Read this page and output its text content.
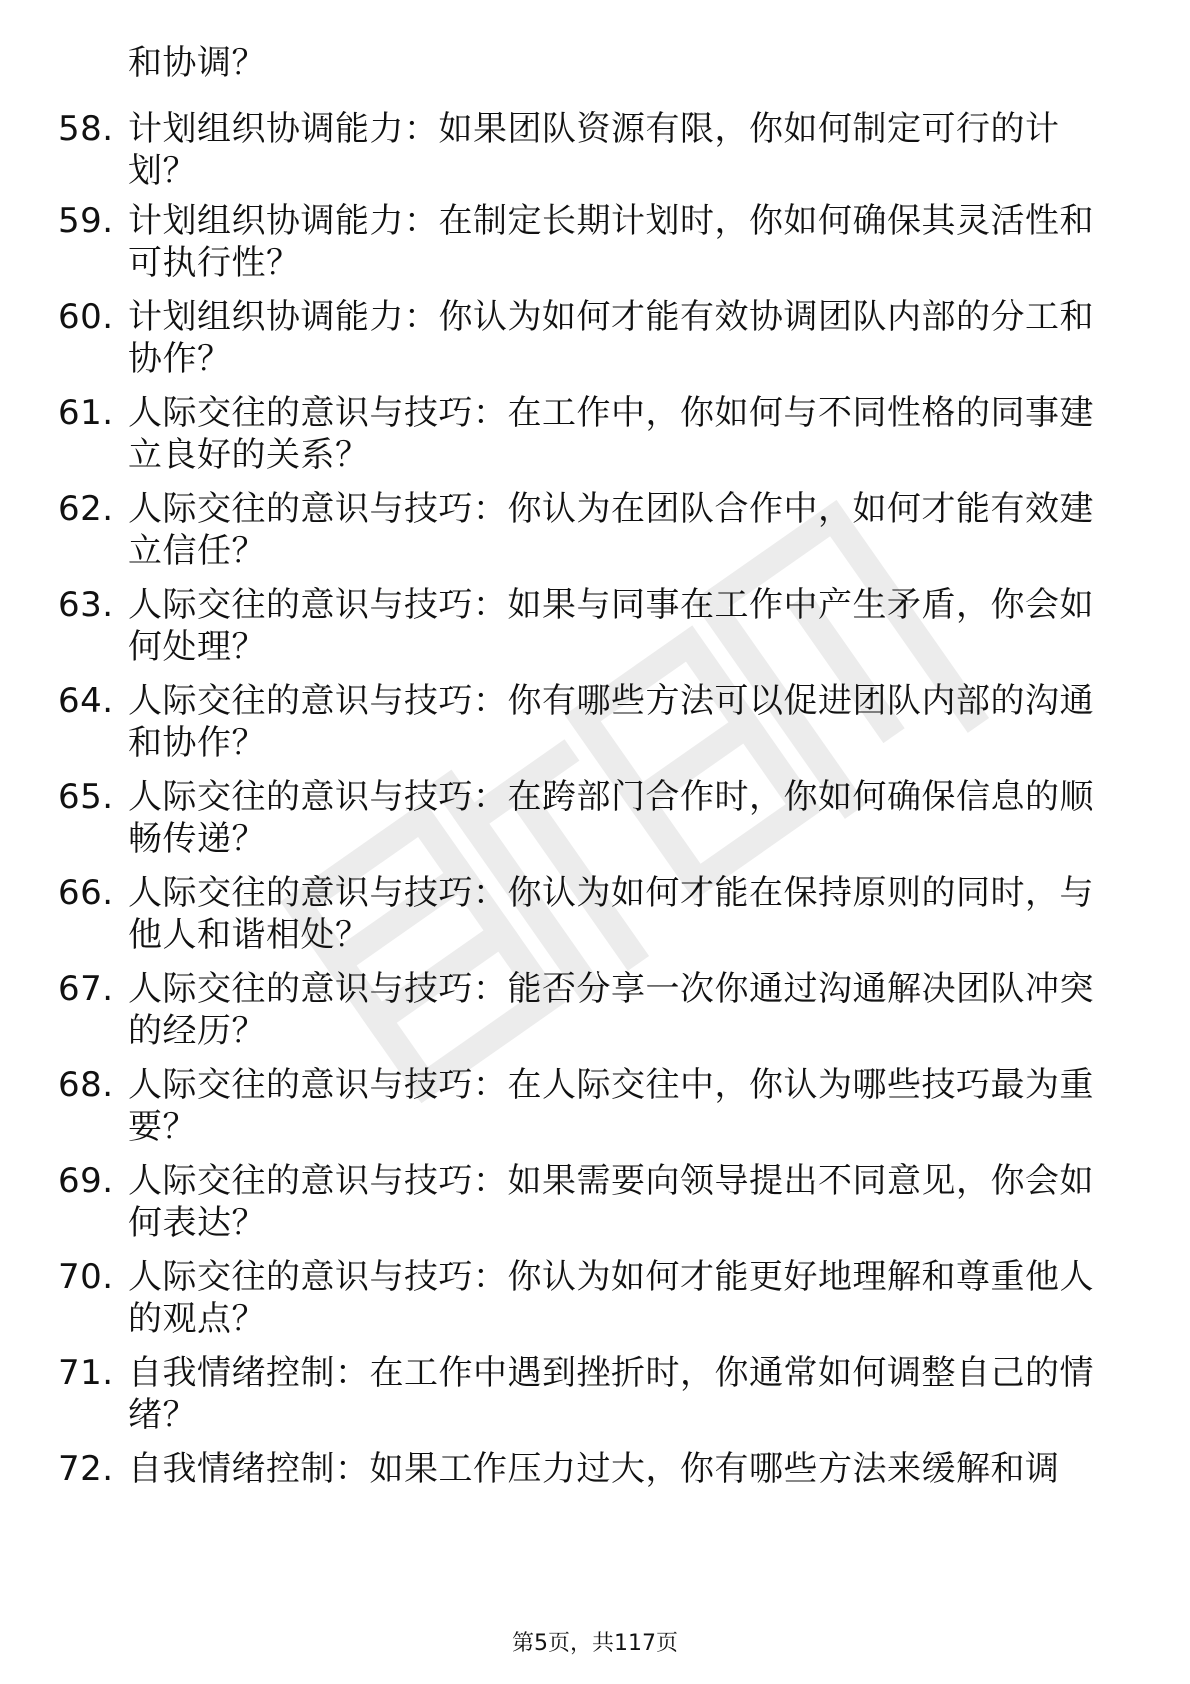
和协调？
58. 计划组织协调能力：如果团队资源有限，你如何制定可行的计
划？
59. 计划组织协调能力：在制定长期计划时，你如何确保其灵活性和
可执行性？
60. 计划组织协调能力：你认为如何才能有效协调团队内部的分工和
协作？
61. 人际交往的意识与技巧：在工作中，你如何与不同性格的同事建
立良好的关系？
62. 人际交往的意识与技巧：你认为在团队合作中，如何才能有效建
立信任？
63. 人际交往的意识与技巧：如果与同事在工作中产生矛盾，你会如
何处理？
64. 人际交往的意识与技巧：你有哪些方法可以促进团队内部的沟通
和协作？
65. 人际交往的意识与技巧：在跨部门合作时，你如何确保信息的顺
畅传递？
66. 人际交往的意识与技巧：你认为如何才能在保持原则的同时，与
他人和谐相处？
67. 人际交往的意识与技巧：能否分享一次你通过沟通解决团队冲突
的经历？
68. 人际交往的意识与技巧：在人际交往中，你认为哪些技巧最为重
要？
69. 人际交往的意识与技巧：如果需要向领导提出不同意见，你会如
何表达？
70. 人际交往的意识与技巧：你认为如何才能更好地理解和尊重他人
的观点？
71. 自我情绪控制：在工作中遇到挫折时，你通常如何调整自己的情
绪？
72. 自我情绪控制：如果工作压力过大，你有哪些方法来缓解和调
第5页，共117页
